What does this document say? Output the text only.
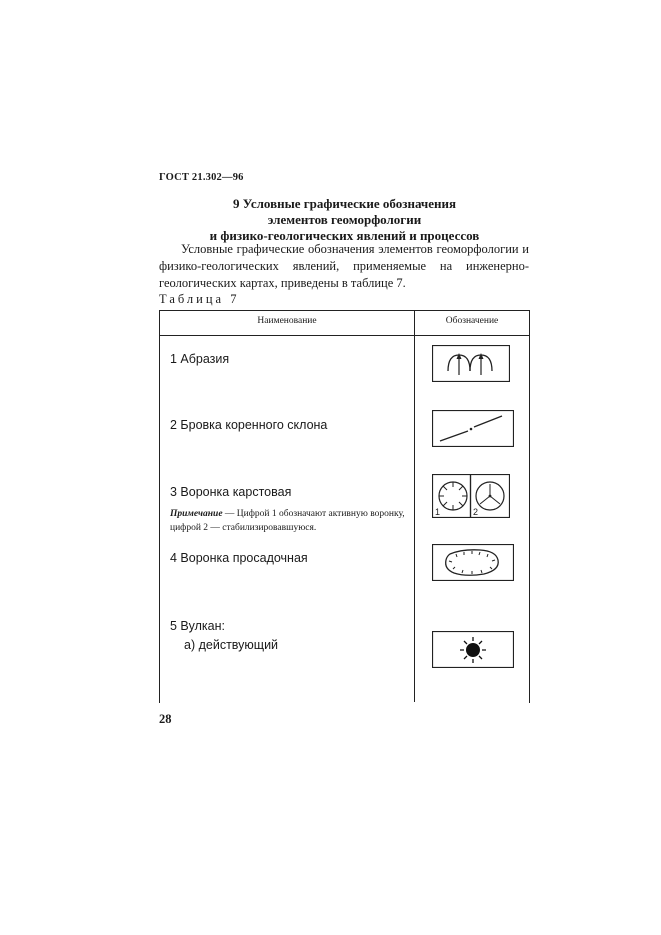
ГОСТ 21.302—96
9 Условные графические обозначения
элементов геоморфологии
и физико-геологических явлений и процессов
Условные графические обозначения элементов геоморфологии и физико-геологических явлений, применяемые на инженерно-геологических картах, приведены в таблице 7.
Таблица 7
Наименование	Обозначение
1 Абразия
2 Бровка коренного склона
3 Воронка карстовая
1	2
Примечание — Цифрой 1 обозначают активную воронку, цифрой 2 — стабилизировавшуюся.
4 Воронка просадочная
5 Вулкан:
а) действующий
28
